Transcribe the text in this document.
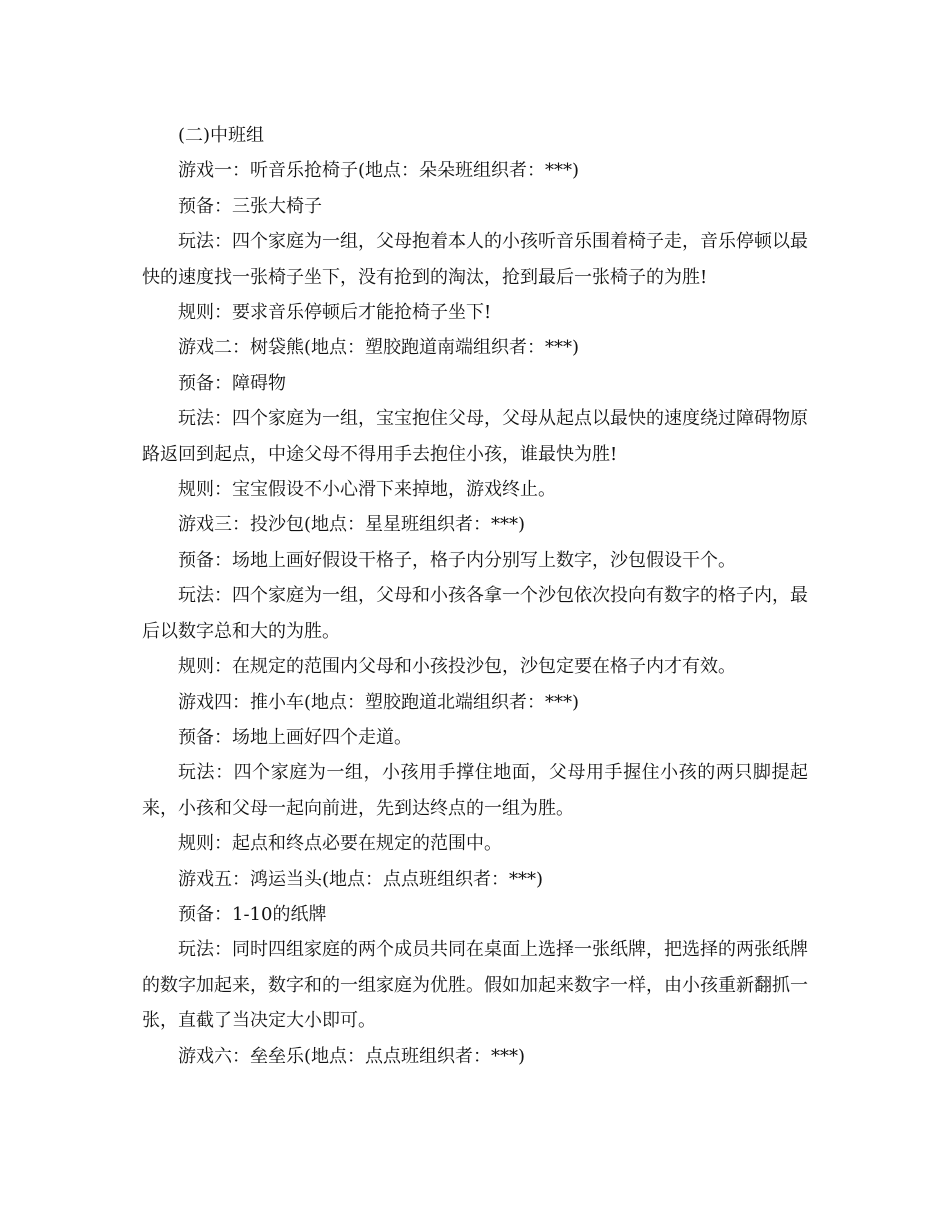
(二)中班组

游戏一：听音乐抢椅子(地点：朵朵班组织者：***)

预备：三张大椅子

玩法：四个家庭为一组，父母抱着本人的小孩听音乐围着椅子走，音乐停顿以最快的速度找一张椅子坐下，没有抢到的淘汰，抢到最后一张椅子的为胜!

规则：要求音乐停顿后才能抢椅子坐下!

游戏二：树袋熊(地点：塑胶跑道南端组织者：***)

预备：障碍物

玩法：四个家庭为一组，宝宝抱住父母，父母从起点以最快的速度绕过障碍物原路返回到起点，中途父母不得用手去抱住小孩，谁最快为胜!

规则：宝宝假设不小心滑下来掉地，游戏终止。

游戏三：投沙包(地点：星星班组织者：***)

预备：场地上画好假设干格子，格子内分别写上数字，沙包假设干个。

玩法：四个家庭为一组，父母和小孩各拿一个沙包依次投向有数字的格子内，最后以数字总和大的为胜。

规则：在规定的范围内父母和小孩投沙包，沙包定要在格子内才有效。

游戏四：推小车(地点：塑胶跑道北端组织者：***)

预备：场地上画好四个走道。

玩法：四个家庭为一组，小孩用手撑住地面，父母用手握住小孩的两只脚提起来，小孩和父母一起向前进，先到达终点的一组为胜。

规则：起点和终点必要在规定的范围中。

游戏五：鸿运当头(地点：点点班组织者：***)

预备：1-10的纸牌

玩法：同时四组家庭的两个成员共同在桌面上选择一张纸牌，把选择的两张纸牌的数字加起来，数字和的一组家庭为优胜。假如加起来数字一样，由小孩重新翻抓一张，直截了当决定大小即可。

游戏六：垒垒乐(地点：点点班组织者：***)
